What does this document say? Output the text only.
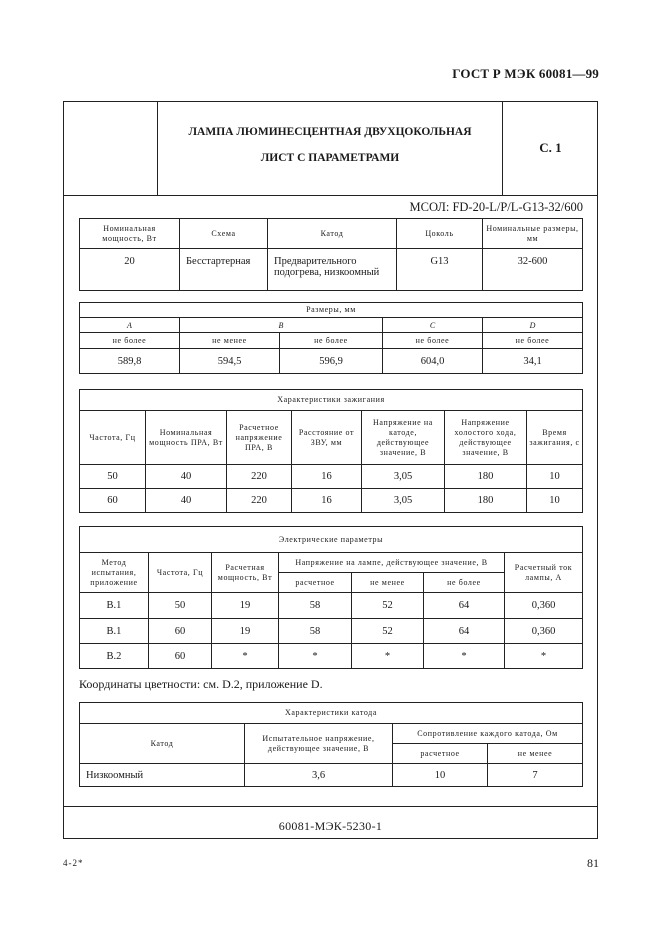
ГОСТ Р МЭК 60081—99
ЛАМПА ЛЮМИНЕСЦЕНТНАЯ ДВУХЦОКОЛЬНАЯ
ЛИСТ С ПАРАМЕТРАМИ
С. 1
МСОЛ: FD-20-L/P/L-G13-32/600
Номинальная мощность, Вт	Схема	Катод	Цоколь	Номинальные размеры, мм
20	Бесстартерная	Предварительного подогрева, низкоомный	G13	32-600
Размеры, мм				
A	B		C	D
не более	не менее	не более	не более	не более
589,8	594,5	596,9	604,0	34,1
Характеристики зажигания						
Частота, Гц	Номинальная мощность ПРА, Вт	Расчетное напряжение ПРА, В	Расстояние от ЗВУ, мм	Напряжение на катоде, действующее значение, В	Напряжение холостого хода, действующее значение, В	Время зажигания, с
50	40	220	16	3,05	180	10
60	40	220	16	3,05	180	10
Электрические параметры						
Метод испытания, приложение	Частота, Гц	Расчетная мощность, Вт	Напряжение на лампе, действующее значение, В			Расчетный ток лампы, А
			расчетное	не менее	не более	
B.1	50	19	58	52	64	0,360
B.1	60	19	58	52	64	0,360
B.2	60	*	*	*	*	*
Координаты цветности: см. D.2, приложение D.
Характеристики катода			
Катод	Испытательное напряжение, действующее значение, В	Сопротивление каждого катода, Ом	
		расчетное	не менее
Низкоомный	3,6	10	7
60081-МЭК-5230-1
4-2*	81
